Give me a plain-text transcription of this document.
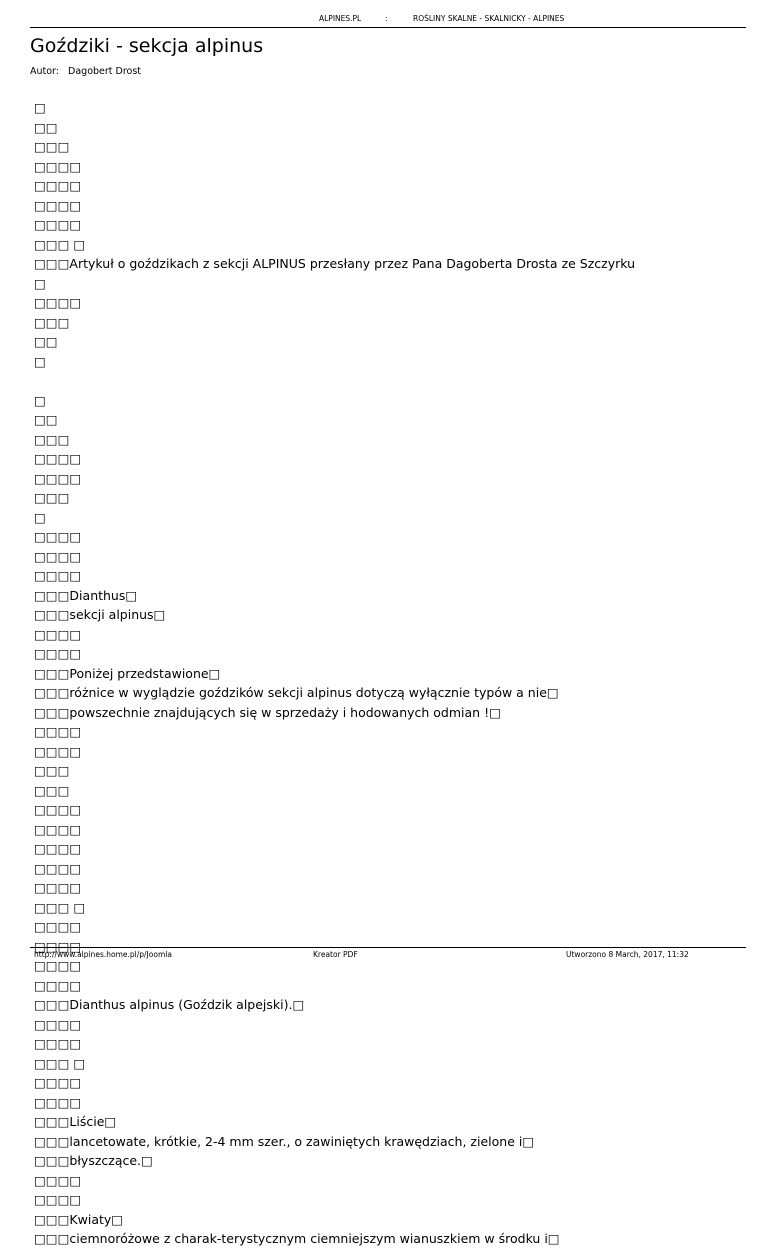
ALPINES.PL	:	ROŚLINY SKALNE - SKALNICKY - ALPINES
Goździki - sekcja alpinus
Autor: Dagobert Drost
□
□□
□□□
□□□□
□□□□
□□□□
□□□□
□□□ □
□□□Artykuł o goździkach z sekcji ALPINUS przesłany przez Pana Dagoberta Drosta ze Szczyrku
□
□□□□
□□□
□□
□
□
□□
□□□
□□□□
□□□□
□□□
□
□□□□
□□□□
□□□□
□□□Dianthus□
□□□sekcji alpinus□
□□□□
□□□□
□□□Poniżej przedstawione□
□□□różnice w wyglądzie goździków sekcji alpinus dotyczą wyłącznie typów a nie□
□□□powszechnie znajdujących się w sprzedaży i hodowanych odmian !□
□□□□
□□□□
□□□
□□□
□□□□
□□□□
□□□□
□□□□
□□□□
□□□ □
□□□□
□□□□
□□□□
□□□□
□□□Dianthus alpinus (Goździk alpejski).□
□□□□
□□□□
□□□ □
□□□□
□□□□
□□□Liście□
□□□lancetowate, krótkie, 2-4 mm szer., o zawiniętych krawędziach, zielone i□
□□□błyszczące.□
□□□□
□□□□
□□□Kwiaty□
□□□ciemnoróżowe z charak-terystycznym ciemniejszym wianuszkiem w środku i□
http://www.alpines.home.pl/p/Joomla	Kreator PDF	Utworzono 8 March, 2017, 11:32
